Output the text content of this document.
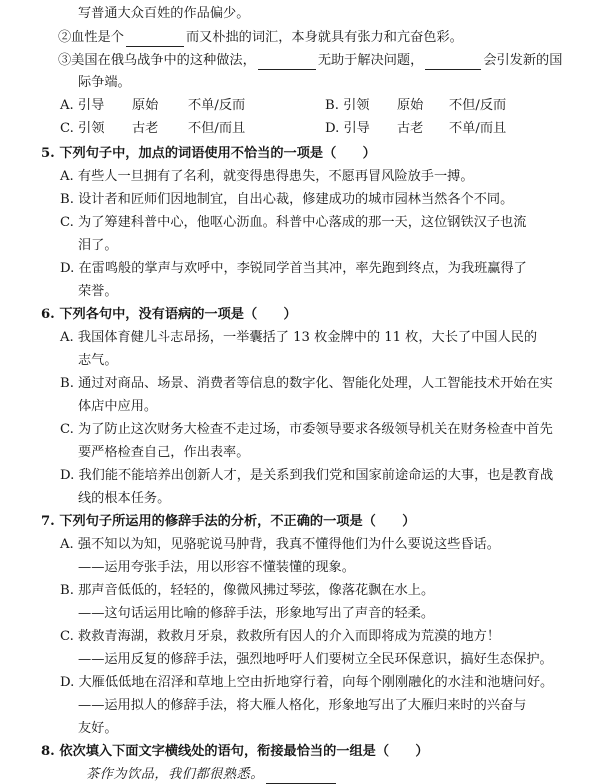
写普通大众百姓的作品偏少。
②血性是个	而又朴拙的词汇，本身就具有张力和亢奋色彩。
③美国在俄乌战争中的这种做法，	无助于解决问题，	会引发新的国
际争端。
A. 引导 原始 不单/反而	B. 引领 原始 不但/反而
C. 引领 古老 不但/而且	D. 引导 古老 不单/而且
5. 下列句子中，加点的词语使用不恰当的一项是（　　）
A. 有些人一旦拥有了名利，就变得患得患失，不愿再冒风险放手一搏。
B. 设计者和匠师们因地制宜，自出心裁，修建成功的城市园林当然各个不同。
C. 为了筹建科普中心，他呕心沥血。科普中心落成的那一天，这位钢铁汉子也流
泪了。
D. 在雷鸣般的掌声与欢呼中，李锐同学首当其冲，率先跑到终点，为我班赢得了
荣誉。
6. 下列各句中，没有语病的一项是（　　）
A. 我国体育健儿斗志昂扬，一举囊括了 13 枚金牌中的 11 枚，大长了中国人民的
志气。
B. 通过对商品、场景、消费者等信息的数字化、智能化处理，人工智能技术开始在实
体店中应用。
C. 为了防止这次财务大检查不走过场，市委领导要求各级领导机关在财务检查中首先
要严格检查自己，作出表率。
D. 我们能不能培养出创新人才，是关系到我们党和国家前途命运的大事，也是教育战
线的根本任务。
7. 下列句子所运用的修辞手法的分析，不正确的一项是（　　）
A. 强不知以为知，见骆驼说马肿背，我真不懂得他们为什么要说这些昏话。
——运用夸张手法，用以形容不懂装懂的现象。
B. 那声音低低的，轻轻的，像微风拂过琴弦，像落花飘在水上。
——这句话运用比喻的修辞手法，形象地写出了声音的轻柔。
C. 救救青海湖，救救月牙泉，救救所有因人的介入而即将成为荒漠的地方！
——运用反复的修辞手法，强烈地呼吁人们要树立全民环保意识，搞好生态保护。
D. 大雁低低地在沼泽和草地上空由折地穿行着，向每个刚刚融化的水洼和池塘问好。
——运用拟人的修辞手法，将大雁人格化，形象地写出了大雁归来时的兴奋与
友好。
8. 依次填入下面文字横线处的语句，衔接最恰当的一组是（　　）
茶作为饮品，我们都很熟悉。
